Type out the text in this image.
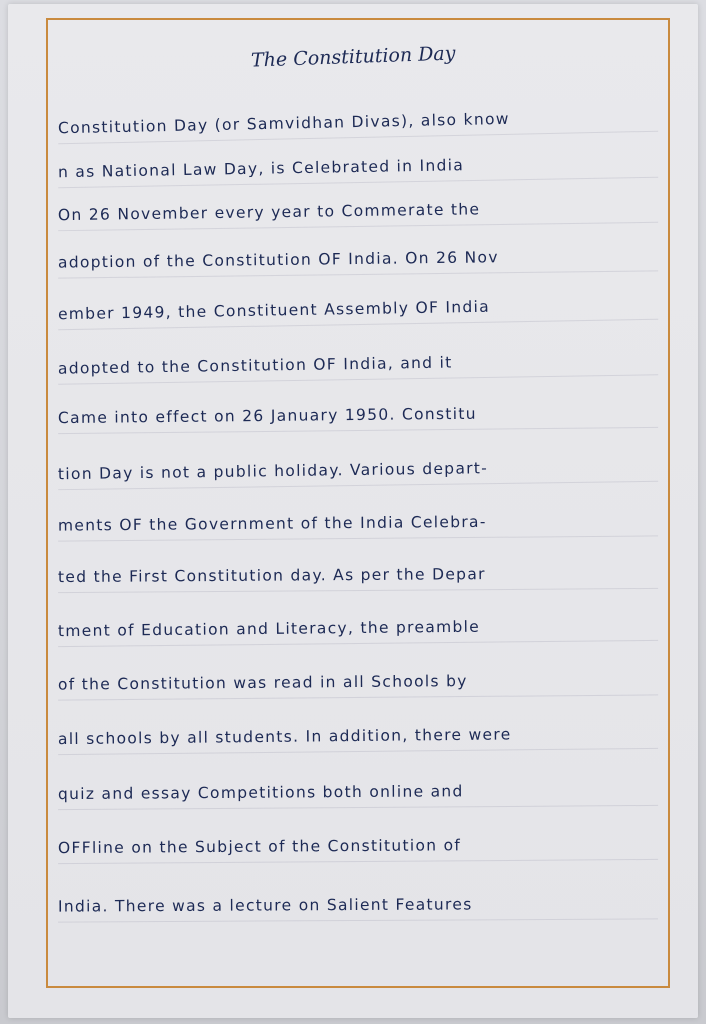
The Constitution Day
Constitution Day (or Samvidhan Divas), also know
n as National Law Day, is Celebrated in India
On 26 November every year to Commerate the
adoption of the Constitution OF India. On 26 Nov
ember 1949, the Constituent Assembly OF India
adopted to the Constitution OF India, and it
Came into effect on 26 January 1950. Constitu
tion Day is not a public holiday. Various depart-
ments OF the Government of the India Celebra-
ted the First Constitution day. As per the Depar
tment of Education and Literacy, the preamble
of the Constitution was read in all Schools by
all schools by all students. In addition, there were
quiz and essay Competitions both online and
OFFline on the Subject of the Constitution of
India. There was a lecture on Salient Features
